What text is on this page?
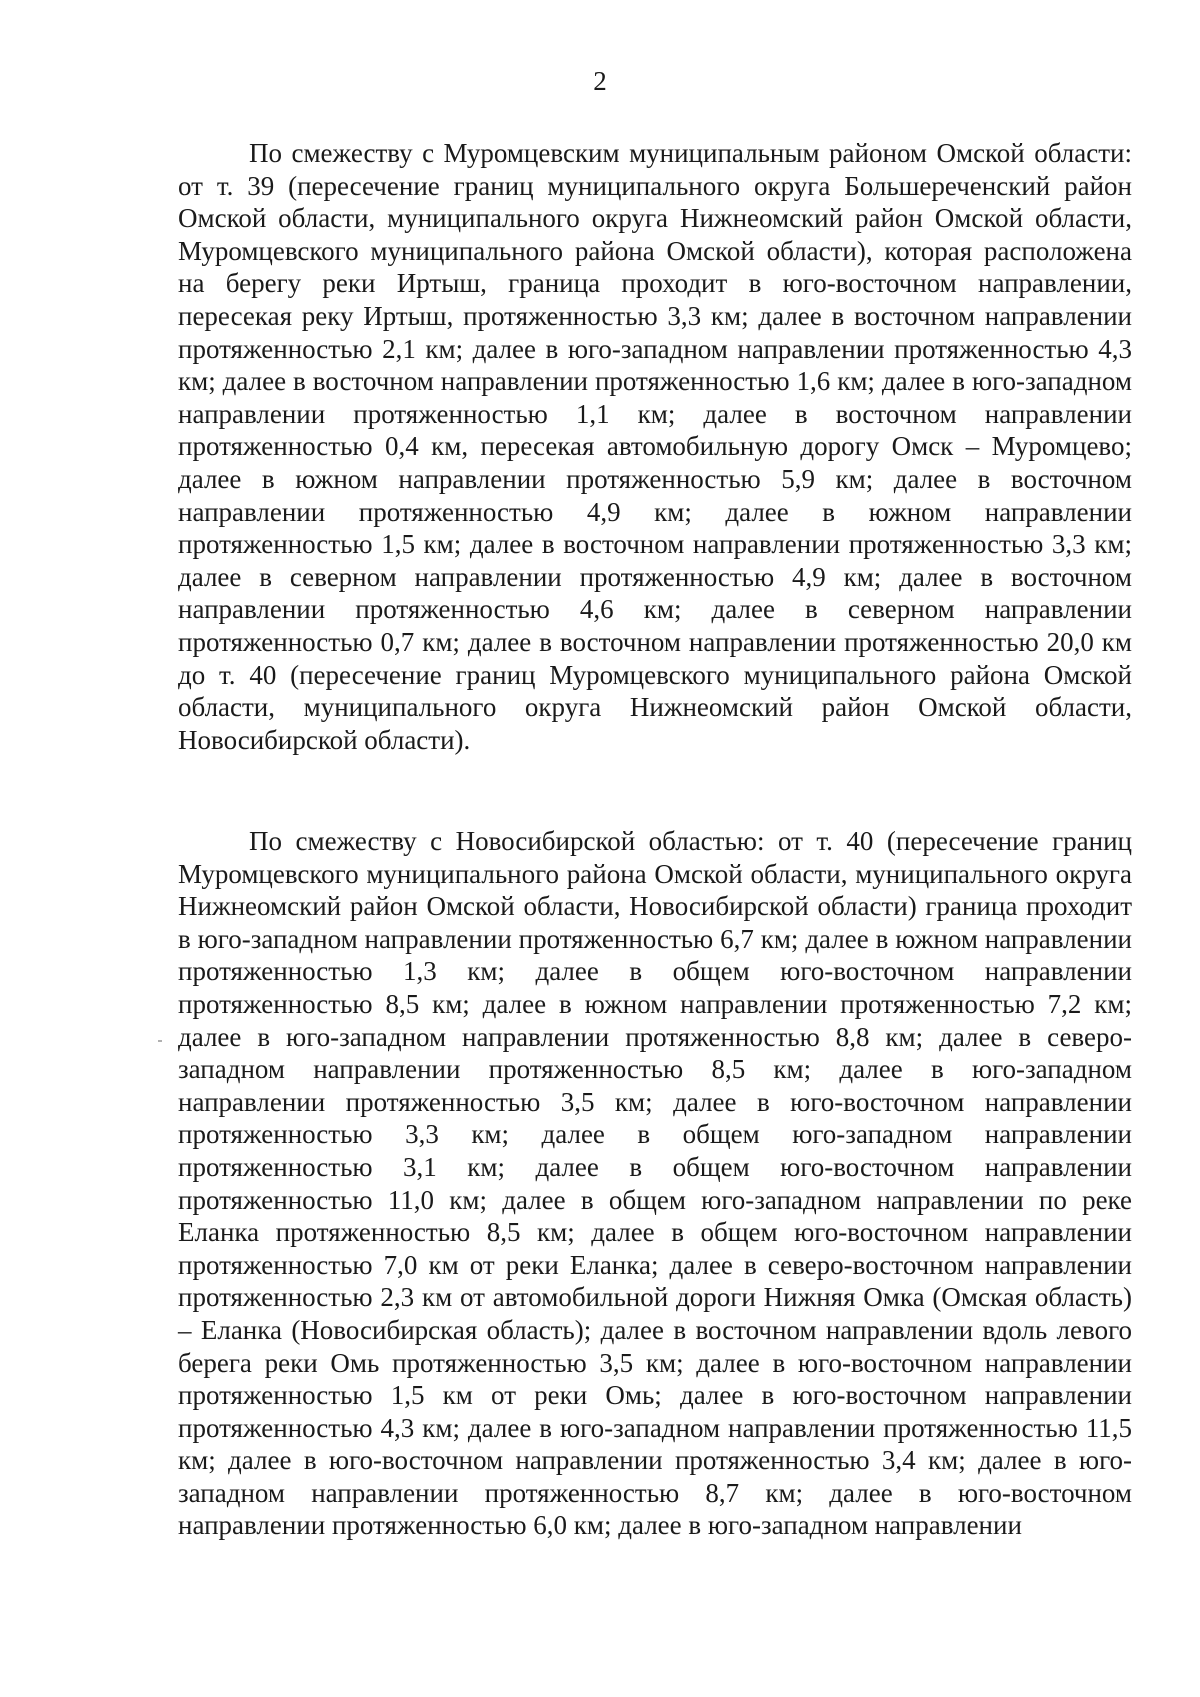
2

По смежеству с Муромцевским муниципальным районом Омской области: от т. 39 (пересечение границ муниципального округа Большереченский район Омской области, муниципального округа Нижнеомский район Омской области, Муромцевского муниципального района Омской области), которая расположена на берегу реки Иртыш, граница проходит в юго-восточном направлении, пересекая реку Иртыш, протяженностью 3,3 км; далее в восточном направлении протяженностью 2,1 км; далее в юго-западном направлении протяженностью 4,3 км; далее в восточном направлении протяженностью 1,6 км; далее в юго-западном направлении протяженностью 1,1 км; далее в восточном направлении протяженностью 0,4 км, пересекая автомобильную дорогу Омск – Муромцево; далее в южном направлении протяженностью 5,9 км; далее в восточном направлении протяженностью 4,9 км; далее в южном направлении протяженностью 1,5 км; далее в восточном направлении протяженностью 3,3 км; далее в северном направлении протяженностью 4,9 км; далее в восточном направлении протяженностью 4,6 км; далее в северном направлении протяженностью 0,7 км; далее в восточном направлении протяженностью 20,0 км до т. 40 (пересечение границ Муромцевского муниципального района Омской области, муниципального округа Нижнеомский район Омской области, Новосибирской области).

По смежеству с Новосибирской областью: от т. 40 (пересечение границ Муромцевского муниципального района Омской области, муниципального округа Нижнеомский район Омской области, Новосибирской области) граница проходит в юго-западном направлении протяженностью 6,7 км; далее в южном направлении протяженностью 1,3 км; далее в общем юго-восточном направлении протяженностью 8,5 км; далее в южном направлении протяженностью 7,2 км; далее в юго-западном направлении протяженностью 8,8 км; далее в северо-западном направлении протяженностью 8,5 км; далее в юго-западном направлении протяженностью 3,5 км; далее в юго-восточном направлении протяженностью 3,3 км; далее в общем юго-западном направлении протяженностью 3,1 км; далее в общем юго-восточном направлении протяженностью 11,0 км; далее в общем юго-западном направлении по реке Еланка протяженностью 8,5 км; далее в общем юго-восточном направлении протяженностью 7,0 км от реки Еланка; далее в северо-восточном направлении протяженностью 2,3 км от автомобильной дороги Нижняя Омка (Омская область) – Еланка (Новосибирская область); далее в восточном направлении вдоль левого берега реки Омь протяженностью 3,5 км; далее в юго-восточном направлении протяженностью 1,5 км от реки Омь; далее в юго-восточном направлении протяженностью 4,3 км; далее в юго-западном направлении протяженностью 11,5 км; далее в юго-восточном направлении протяженностью 3,4 км; далее в юго-западном направлении протяженностью 8,7 км; далее в юго-восточном направлении протяженностью 6,0 км; далее в юго-западном направлении
